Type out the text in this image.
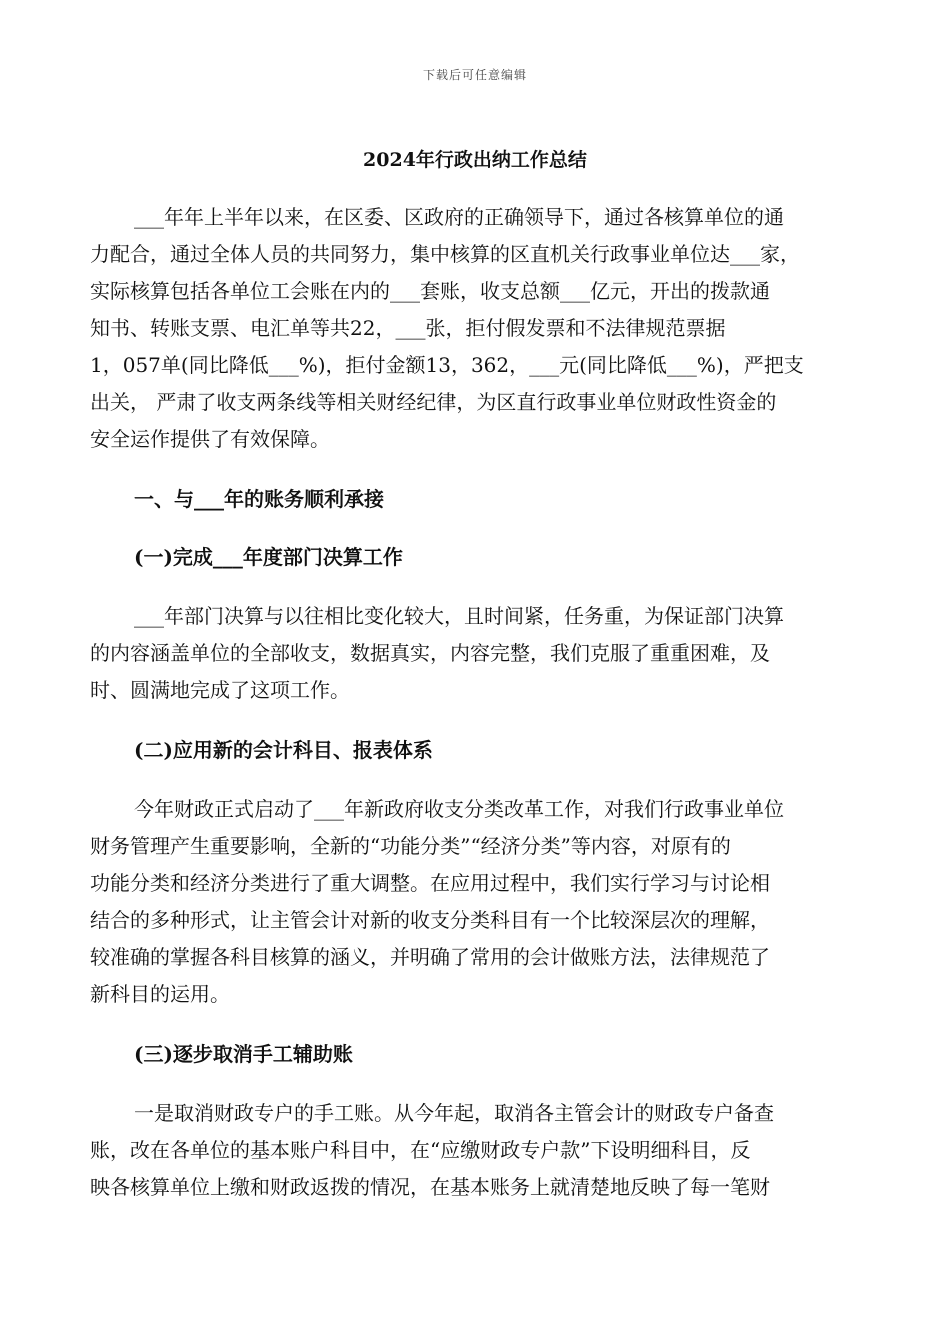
下载后可任意编辑
2024年行政出纳工作总结
___年年上半年以来，在区委、区政府的正确领导下，通过各核算单位的通
力配合，通过全体人员的共同努力，集中核算的区直机关行政事业单位达___家，
实际核算包括各单位工会账在内的___套账，收支总额___亿元，开出的拨款通
知书、转账支票、电汇单等共22，___张，拒付假发票和不法律规范票据
1，057单(同比降低___%)，拒付金额13，362，___元(同比降低___%)，严把支
出关， 严肃了收支两条线等相关财经纪律，为区直行政事业单位财政性资金的
安全运作提供了有效保障。
一、与___年的账务顺利承接
(一)完成___年度部门决算工作
___年部门决算与以往相比变化较大，且时间紧，任务重，为保证部门决算
的内容涵盖单位的全部收支，数据真实，内容完整，我们克服了重重困难，及
时、圆满地完成了这项工作。
(二)应用新的会计科目、报表体系
今年财政正式启动了___年新政府收支分类改革工作，对我们行政事业单位
财务管理产生重要影响，全新的“功能分类”“经济分类”等内容，对原有的
功能分类和经济分类进行了重大调整。在应用过程中，我们实行学习与讨论相
结合的多种形式，让主管会计对新的收支分类科目有一个比较深层次的理解，
较准确的掌握各科目核算的涵义，并明确了常用的会计做账方法，法律规范了
新科目的运用。
(三)逐步取消手工辅助账
一是取消财政专户的手工账。从今年起，取消各主管会计的财政专户备查
账，改在各单位的基本账户科目中，在“应缴财政专户款”下设明细科目，反
映各核算单位上缴和财政返拨的情况，在基本账务上就清楚地反映了每一笔财
